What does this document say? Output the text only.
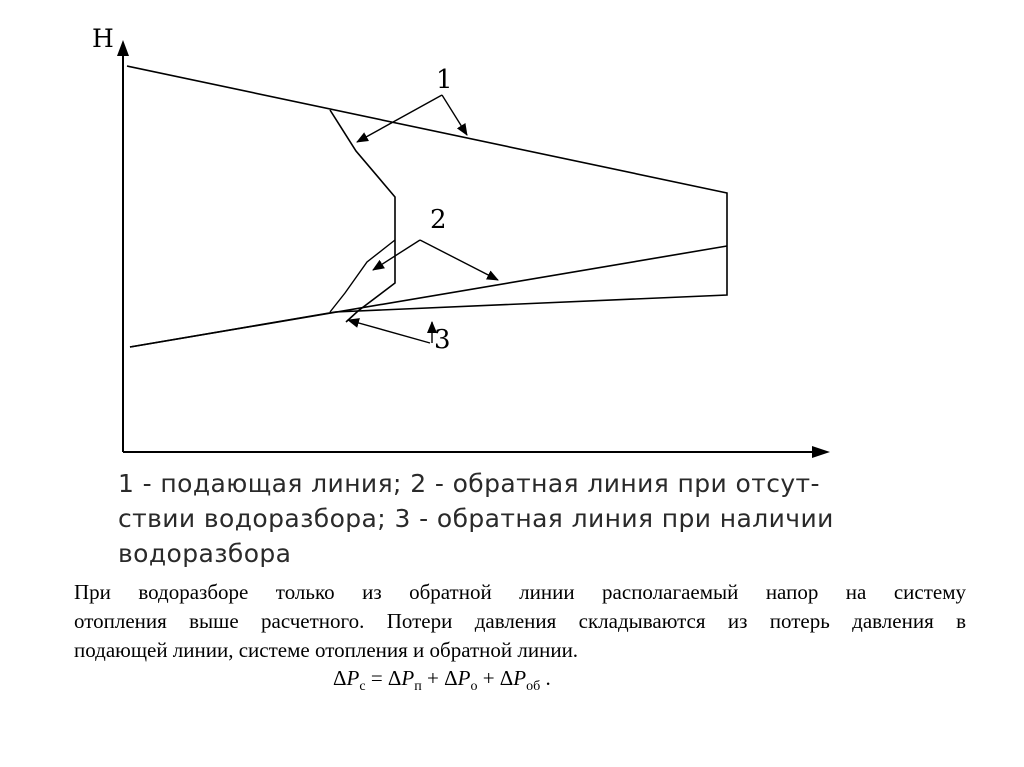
H
1
2
3
1 - подающая линия; 2 - обратная линия при отсут-
ствии водоразбора; 3 - обратная линия при наличии
водоразбора
При водоразборе только из обратной линии располагаемый напор на систему
отопления выше расчетного. Потери давления складываются из потерь давления в
подающей линии, системе отопления и обратной линии.
$\Delta P_с = \Delta P_п + \Delta P_о + \Delta P_{об}$ .
